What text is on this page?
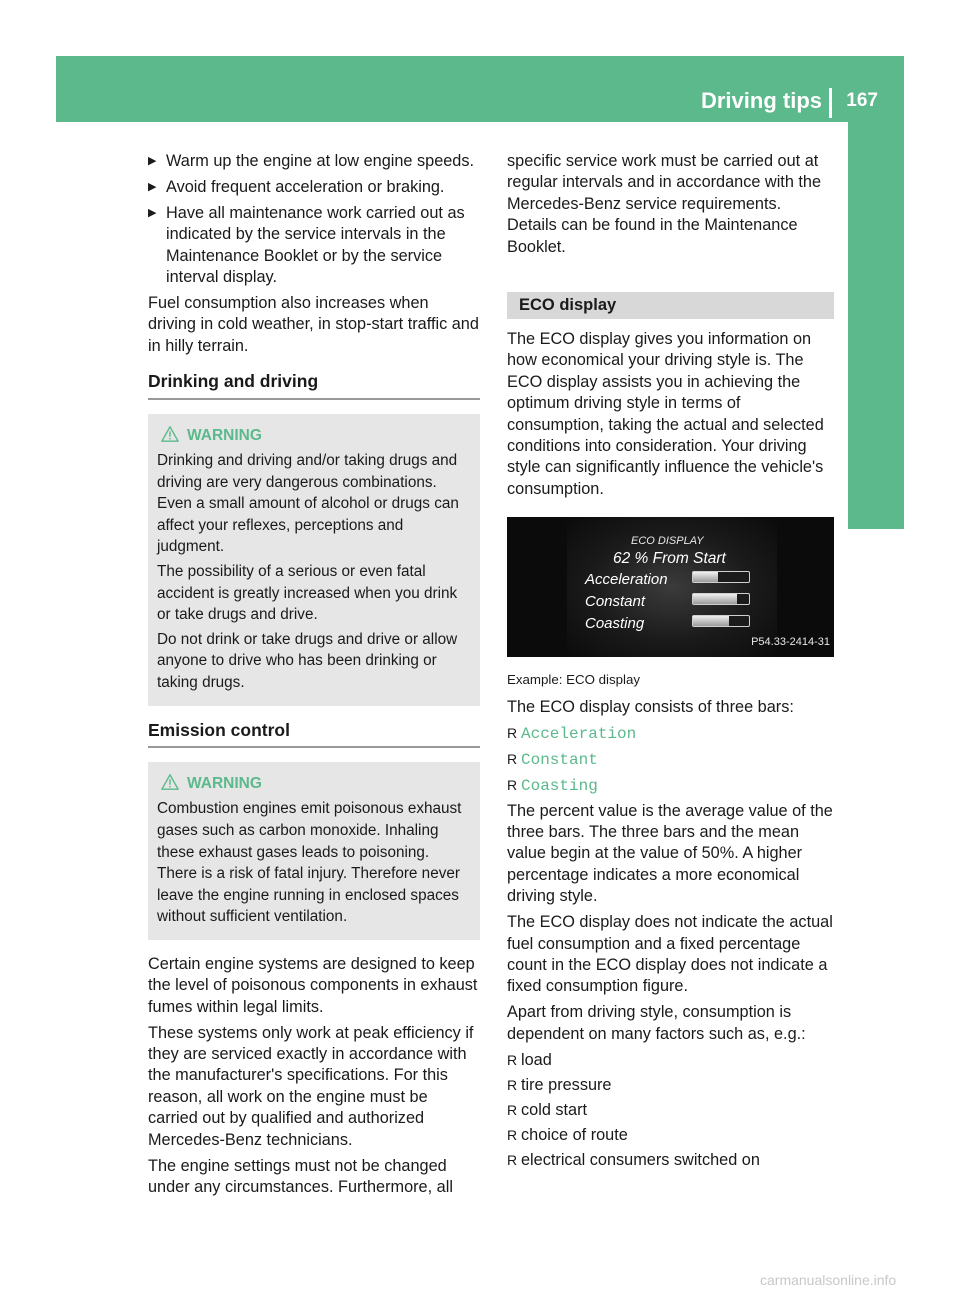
Driving tips 167
Driving and parking
▶ Warm up the engine at low engine speeds.
▶ Avoid frequent acceleration or braking.
▶ Have all maintenance work carried out as indicated by the service intervals in the Maintenance Booklet or by the service interval display.
Fuel consumption also increases when driving in cold weather, in stop-start traffic and in hilly terrain.
Drinking and driving
WARNING
Drinking and driving and/or taking drugs and driving are very dangerous combinations. Even a small amount of alcohol or drugs can affect your reflexes, perceptions and judgment.
The possibility of a serious or even fatal accident is greatly increased when you drink or take drugs and drive.
Do not drink or take drugs and drive or allow anyone to drive who has been drinking or taking drugs.
Emission control
WARNING
Combustion engines emit poisonous exhaust gases such as carbon monoxide. Inhaling these exhaust gases leads to poisoning. There is a risk of fatal injury. Therefore never leave the engine running in enclosed spaces without sufficient ventilation.
Certain engine systems are designed to keep the level of poisonous components in exhaust fumes within legal limits.
These systems only work at peak efficiency if they are serviced exactly in accordance with the manufacturer's specifications. For this reason, all work on the engine must be carried out by qualified and authorized Mercedes-Benz technicians.
The engine settings must not be changed under any circumstances. Furthermore, all
specific service work must be carried out at regular intervals and in accordance with the Mercedes-Benz service requirements. Details can be found in the Maintenance Booklet.
ECO display
The ECO display gives you information on how economical your driving style is. The ECO display assists you in achieving the optimum driving style in terms of consumption, taking the actual and selected conditions into consideration. Your driving style can significantly influence the vehicle's consumption.
ECO DISPLAY
62 % From Start
Acceleration
Constant
Coasting
P54.33-2414-31
Example: ECO display
The ECO display consists of three bars:
R Acceleration
R Constant
R Coasting
The percent value is the average value of the three bars. The three bars and the mean value begin at the value of 50%. A higher percentage indicates a more economical driving style.
The ECO display does not indicate the actual fuel consumption and a fixed percentage count in the ECO display does not indicate a fixed consumption figure.
Apart from driving style, consumption is dependent on many factors such as, e.g.:
R load
R tire pressure
R cold start
R choice of route
R electrical consumers switched on
carmanualsonline.info
